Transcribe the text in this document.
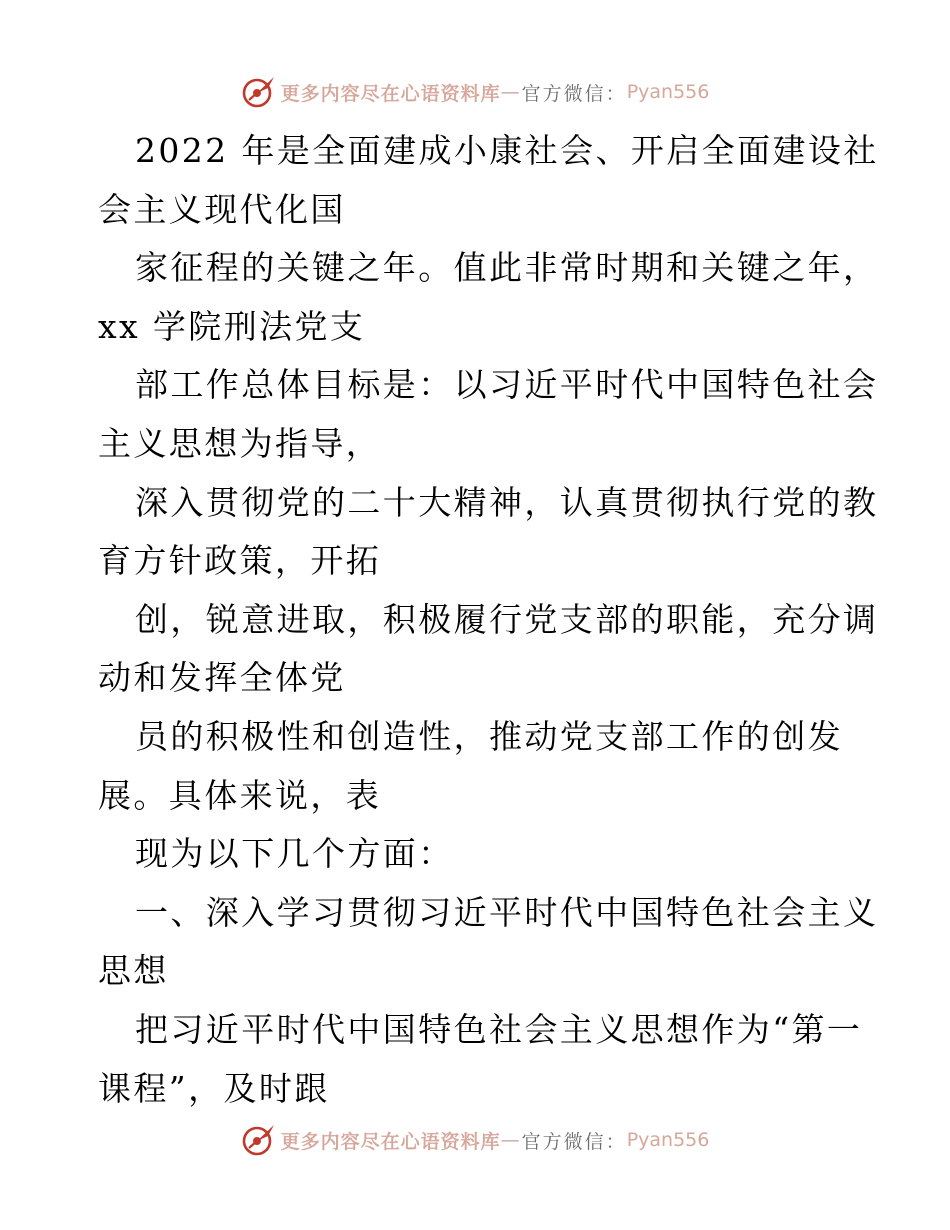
更多内容尽在心语资料库 — 官方微信： Pyan556
2022 年是全面建成小康社会、开启全面建设社
会主义现代化国
家征程的关键之年。值此非常时期和关键之年，
xx 学院刑法党支
部工作总体目标是：以习近平时代中国特色社会
主义思想为指导，
深入贯彻党的二十大精神，认真贯彻执行党的教
育方针政策，开拓
创，锐意进取，积极履行党支部的职能，充分调
动和发挥全体党
员的积极性和创造性，推动党支部工作的创发
展。具体来说，表
现为以下几个方面：
一、深入学习贯彻习近平时代中国特色社会主义
思想
把习近平时代中国特色社会主义思想作为“第一
课程”，及时跟
更多内容尽在心语资料库 — 官方微信： Pyan556
